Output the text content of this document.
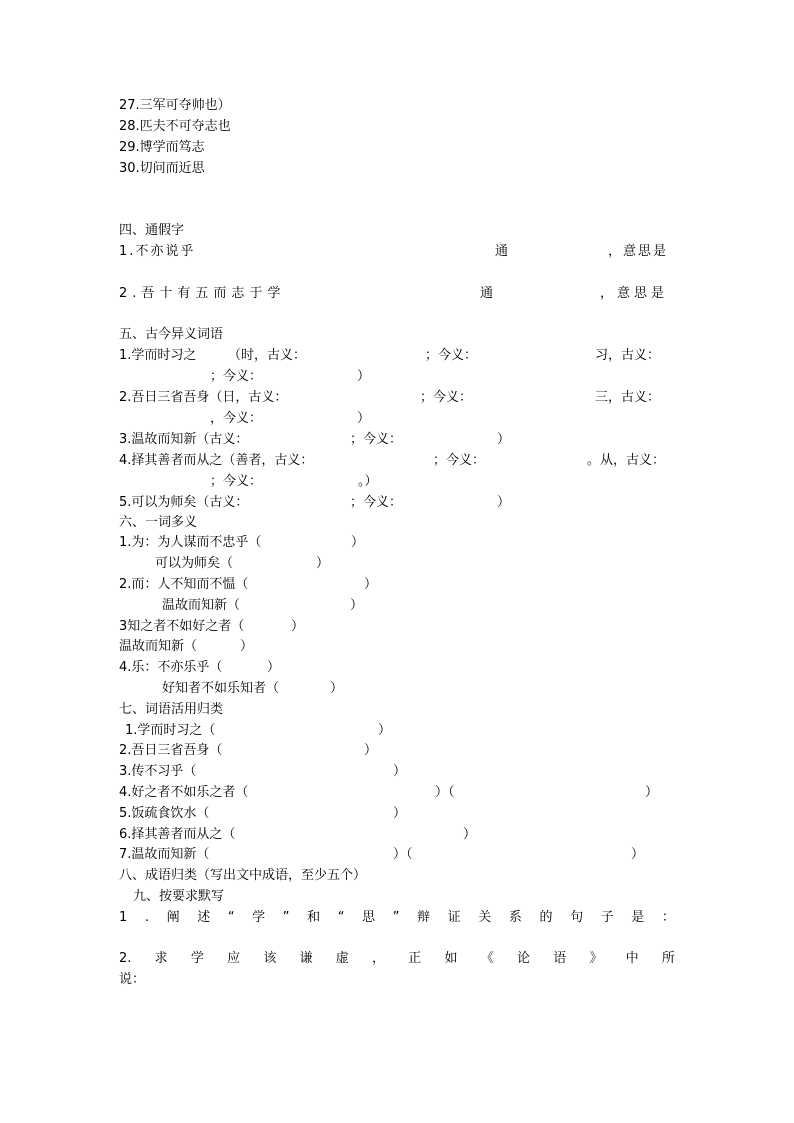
27.三军可夺帅也）
28.匹夫不可夺志也
29.博学而笃志
30.切问而近思
四、通假字
1.不亦说乎	通	，意思是
2.吾十有五而志于学	通	，意思是
五、古今异义词语
1.学而时习之 （时，古义：	；今义：	习，古义：
；今义：	）
2.吾日三省吾身（日，古义：	；今义：	三，古义：
，今义：	）
3.温故而知新（古义：	；今义：	）
4.择其善者而从之（善者，古义：	；今义：	。从，古义：
；今义：	。）
5.可以为师矣（古义：	；今义：	）
六、一词多义
1.为：为人谋而不忠乎（	）
可以为师矣（	）
2.而：人不知而不愠（	）
温故而知新（	）
3知之者不如好之者（	）
温故而知新（	）
4.乐：不亦乐乎（	）
好知者不如乐知者（	）
七、词语活用归类
1.学而时习之（	）
2.吾日三省吾身（	）
3.传不习乎（	）
4.好之者不如乐之者（	）（	）
5.饭疏食饮水（	）
6.择其善者而从之（	）
7.温故而知新（	）（	）
八、成语归类（写出文中成语，至少五个）
九、按要求默写
1 . 阐 述 “ 学 ” 和 “ 思 ” 辩 证 关 系 的 句 子 是 ：
2. 求 学 应 该 谦 虚 ， 正 如 《 论 语 》 中 所
说：
